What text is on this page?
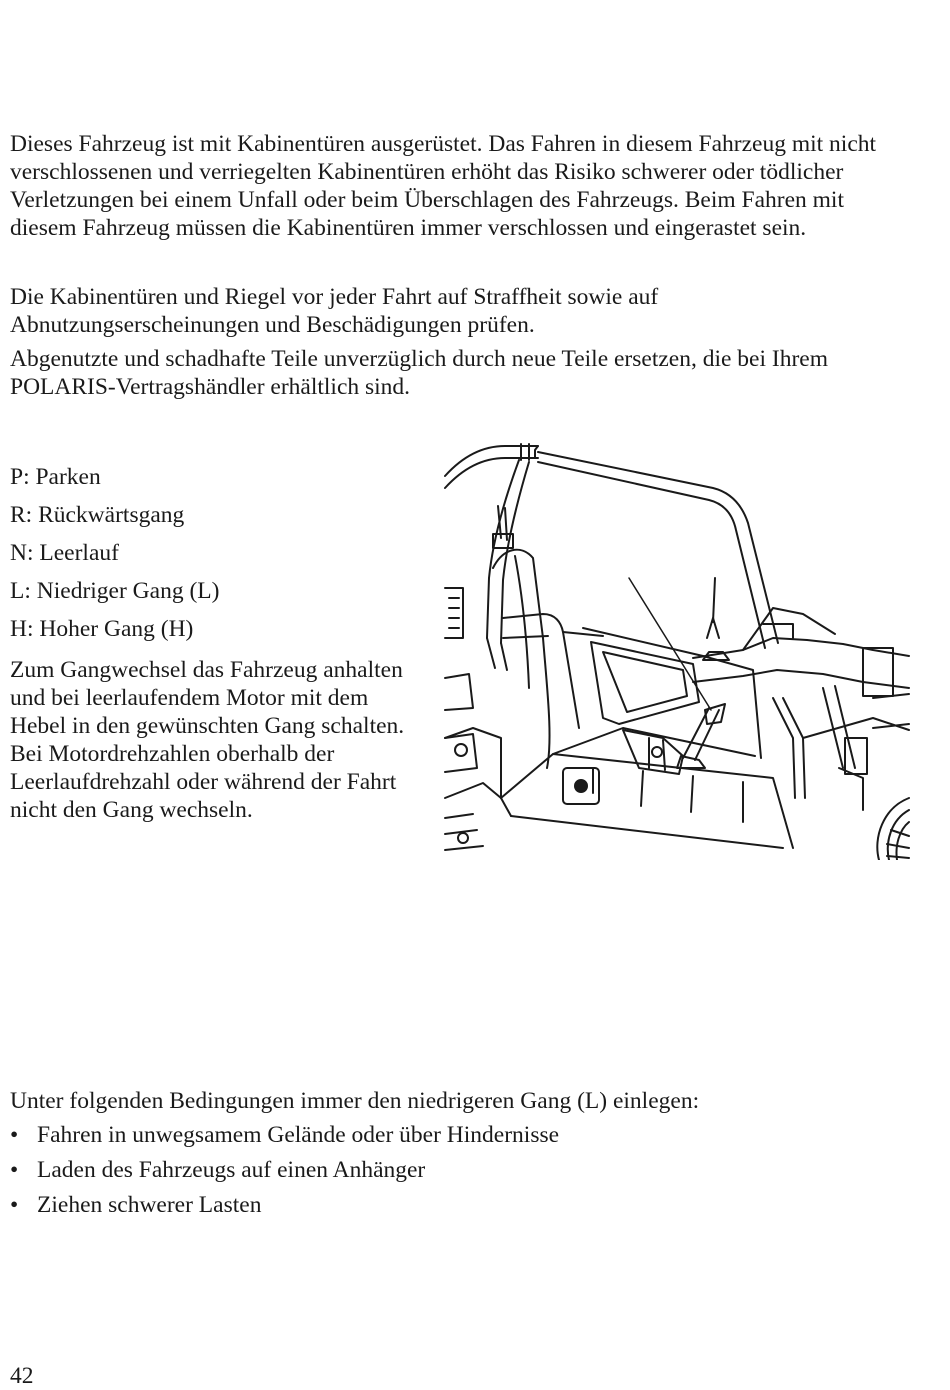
Dieses Fahrzeug ist mit Kabinentüren ausgerüstet. Das Fahren in diesem Fahrzeug mit nicht verschlossenen und verriegelten Kabinentüren erhöht das Risiko schwerer oder tödlicher Verletzungen bei einem Unfall oder beim Überschlagen des Fahrzeugs. Beim Fahren mit diesem Fahrzeug müssen die Kabinentüren immer verschlossen und eingerastet sein.

Die Kabinentüren und Riegel vor jeder Fahrt auf Straffheit sowie auf Abnutzungserscheinungen und Beschädigungen prüfen.

Abgenutzte und schadhafte Teile unverzüglich durch neue Teile ersetzen, die bei Ihrem POLARIS-Vertragshändler erhältlich sind.

P: Parken
R: Rückwärtsgang
N: Leerlauf
L: Niedriger Gang (L)
H: Hoher Gang (H)

Zum Gangwechsel das Fahrzeug anhalten und bei leerlaufendem Motor mit dem Hebel in den gewünschten Gang schalten. Bei Motordrehzahlen oberhalb der Leerlaufdrehzahl oder während der Fahrt nicht den Gang wechseln.

Unter folgenden Bedingungen immer den niedrigeren Gang (L) einlegen:

• Fahren in unwegsamem Gelände oder über Hindernisse
• Laden des Fahrzeugs auf einen Anhänger
• Ziehen schwerer Lasten
42
